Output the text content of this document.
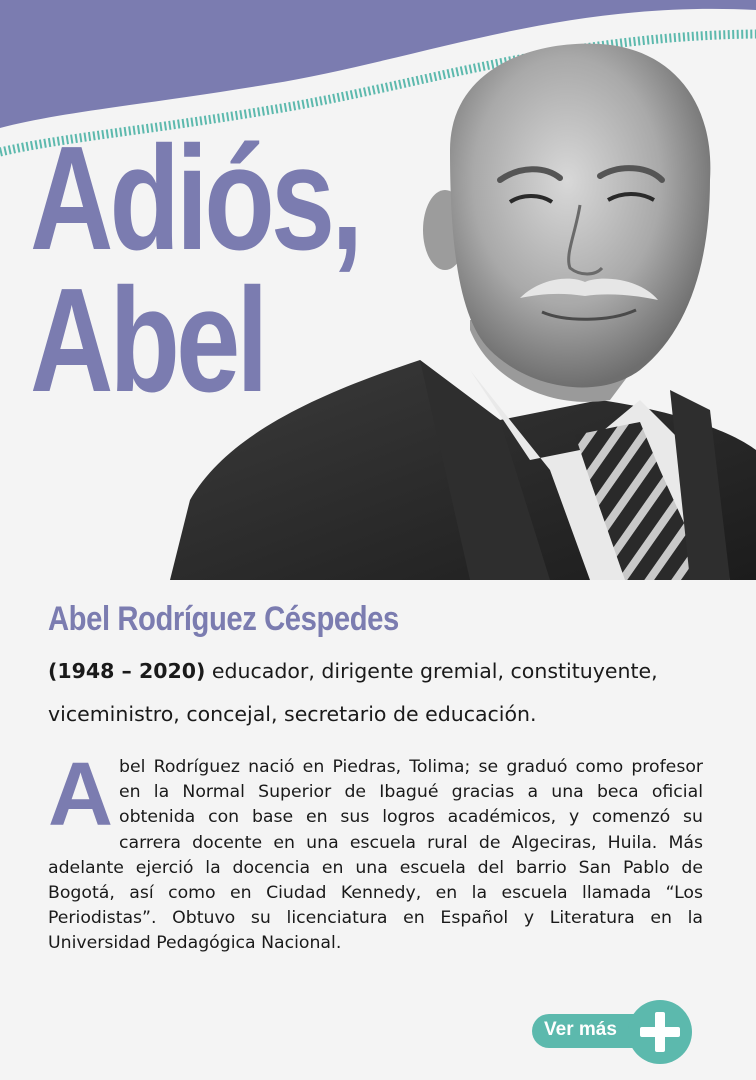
Adiós,
Abel
Abel Rodríguez Céspedes

(1948 – 2020) educador, dirigente gremial, constituyente, viceministro, concejal, secretario de educación.

Abel Rodríguez nació en Piedras, Tolima; se graduó como profesor en la Normal Superior de Ibagué gracias a una beca oficial obtenida con base en sus logros académicos, y comenzó su carrera docente en una escuela rural de Algeciras, Huila. Más adelante ejerció la docencia en una escuela del barrio San Pablo de Bogotá, así como en Ciudad Kennedy, en la escuela llamada “Los Periodistas”. Obtuvo su licenciatura en Español y Literatura en la Universidad Pedagógica Nacional.

Ver más
